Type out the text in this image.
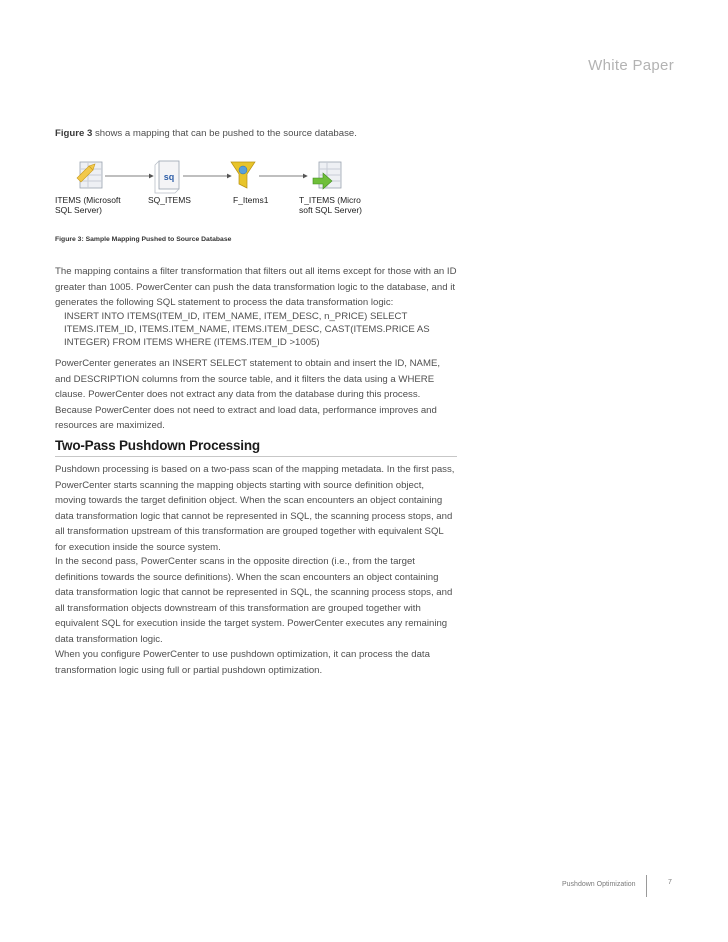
White Paper
Figure 3 shows a mapping that can be pushed to the source database.
sq
ITEMS (Microsoft
SQL Server)
SQ_ITEMS	F_Items1	T_ITEMS (Micro
soft SQL Server)
Figure 3: Sample Mapping Pushed to Source Database
The mapping contains a filter transformation that filters out all items except for those with an ID greater than 1005. PowerCenter can push the data transformation logic to the database, and it generates the following SQL statement to process the data transformation logic:
INSERT INTO ITEMS(ITEM_ID, ITEM_NAME, ITEM_DESC, n_PRICE) SELECT ITEMS.ITEM_ID, ITEMS.ITEM_NAME, ITEMS.ITEM_DESC, CAST(ITEMS.PRICE AS INTEGER) FROM ITEMS WHERE (ITEMS.ITEM_ID >1005)
PowerCenter generates an INSERT SELECT statement to obtain and insert the ID, NAME, and DESCRIPTION columns from the source table, and it filters the data using a WHERE clause. PowerCenter does not extract any data from the database during this process. Because PowerCenter does not need to extract and load data, performance improves and resources are maximized.
Two-Pass Pushdown Processing
Pushdown processing is based on a two-pass scan of the mapping metadata. In the first pass, PowerCenter starts scanning the mapping objects starting with source definition object, moving towards the target definition object. When the scan encounters an object containing data transformation logic that cannot be represented in SQL, the scanning process stops, and all transformation upstream of this transformation are grouped together with equivalent SQL for execution inside the source system.
In the second pass, PowerCenter scans in the opposite direction (i.e., from the target definitions towards the source definitions). When the scan encounters an object containing data transformation logic that cannot be represented in SQL, the scanning process stops, and all transformation objects downstream of this transformation are grouped together with equivalent SQL for execution inside the target system. PowerCenter executes any remaining data transformation logic.
When you configure PowerCenter to use pushdown optimization, it can process the data transformation logic using full or partial pushdown optimization.
Pushdown Optimization	7
